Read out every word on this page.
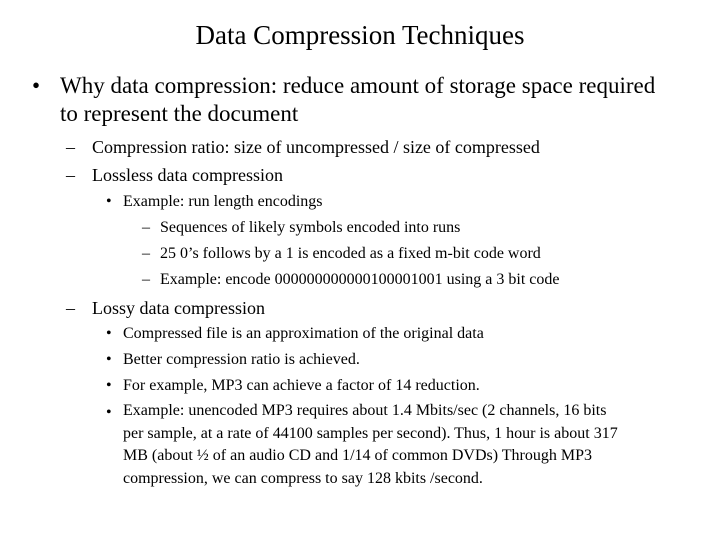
Data Compression Techniques
• Why data compression: reduce amount of storage space required
to represent the document
– Compression ratio: size of uncompressed / size of compressed
– Lossless data compression
• Example: run length encodings
– Sequences of likely symbols encoded into runs
– 25 0’s follows by a 1 is encoded as a fixed m-bit code word
– Example: encode 000000000000100001001 using a 3 bit code
– Lossy data compression
• Compressed file is an approximation of the original data
• Better compression ratio is achieved.
• For example, MP3 can achieve a factor of 14 reduction.
• Example: unencoded MP3 requires about 1.4 Mbits/sec (2 channels, 16 bits
per sample, at a rate of 44100 samples per second). Thus, 1 hour is about 317
MB (about ½ of an audio CD and 1/14 of common DVDs) Through MP3
compression, we can compress to say 128 kbits /second.
